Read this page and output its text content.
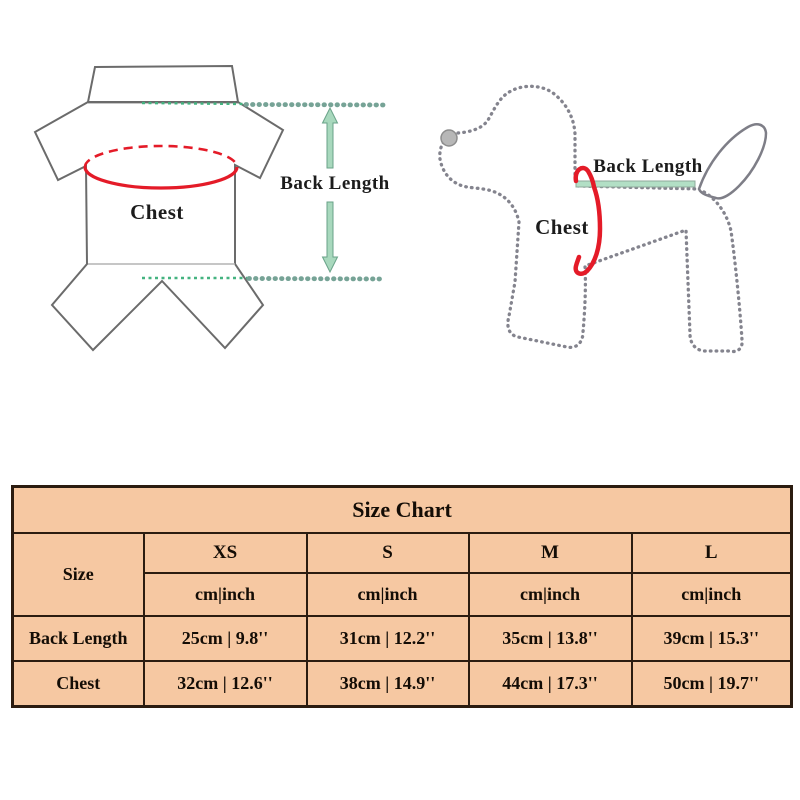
Chest
Back Length
Back Length
Chest
Size Chart				
Size	XS	S	M	L
	cm|inch	cm|inch	cm|inch	cm|inch
Back Length	25cm | 9.8''	31cm | 12.2''	35cm | 13.8''	39cm | 15.3''
Chest	32cm | 12.6''	38cm | 14.9''	44cm | 17.3''	50cm | 19.7''
